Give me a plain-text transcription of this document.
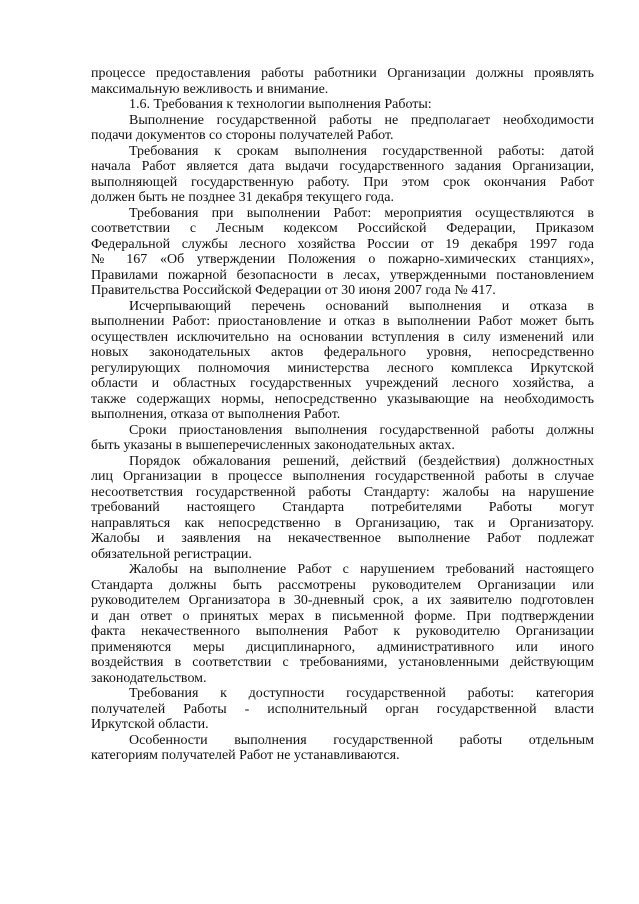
процессе предоставления работы работники Организации должны проявлять
максимальную вежливость и внимание.

1.6. Требования к технологии выполнения Работы:

Выполнение государственной работы не предполагает необходимости
подачи документов со стороны получателей Работ.

Требования к срокам выполнения государственной работы: датой
начала Работ является дата выдачи государственного задания Организации,
выполняющей государственную работу. При этом срок окончания Работ
должен быть не позднее 31 декабря текущего года.

Требования при выполнении Работ: мероприятия осуществляются в
соответствии с Лесным кодексом Российской Федерации, Приказом
Федеральной службы лесного хозяйства России от 19 декабря 1997 года
№ 167 «Об утверждении Положения о пожарно-химических станциях»,
Правилами пожарной безопасности в лесах, утвержденными постановлением
Правительства Российской Федерации от 30 июня 2007 года № 417.

Исчерпывающий перечень оснований выполнения и отказа в
выполнении Работ: приостановление и отказ в выполнении Работ может быть
осуществлен исключительно на основании вступления в силу изменений или
новых законодательных актов федерального уровня, непосредственно
регулирующих полномочия министерства лесного комплекса Иркутской
области и областных государственных учреждений лесного хозяйства, а
также содержащих нормы, непосредственно указывающие на необходимость
выполнения, отказа от выполнения Работ.

Сроки приостановления выполнения государственной работы должны
быть указаны в вышеперечисленных законодательных актах.

Порядок обжалования решений, действий (бездействия) должностных
лиц Организации в процессе выполнения государственной работы в случае
несоответствия государственной работы Стандарту: жалобы на нарушение
требований настоящего Стандарта потребителями Работы могут
направляться как непосредственно в Организацию, так и Организатору.
Жалобы и заявления на некачественное выполнение Работ подлежат
обязательной регистрации.

Жалобы на выполнение Работ с нарушением требований настоящего
Стандарта должны быть рассмотрены руководителем Организации или
руководителем Организатора в 30-дневный срок, а их заявителю подготовлен
и дан ответ о принятых мерах в письменной форме. При подтверждении
факта некачественного выполнения Работ к руководителю Организации
применяются меры дисциплинарного, административного или иного
воздействия в соответствии с требованиями, установленными действующим
законодательством.

Требования к доступности государственной работы: категория
получателей Работы - исполнительный орган государственной власти
Иркутской области.

Особенности выполнения государственной работы отдельным
категориям получателей Работ не устанавливаются.
